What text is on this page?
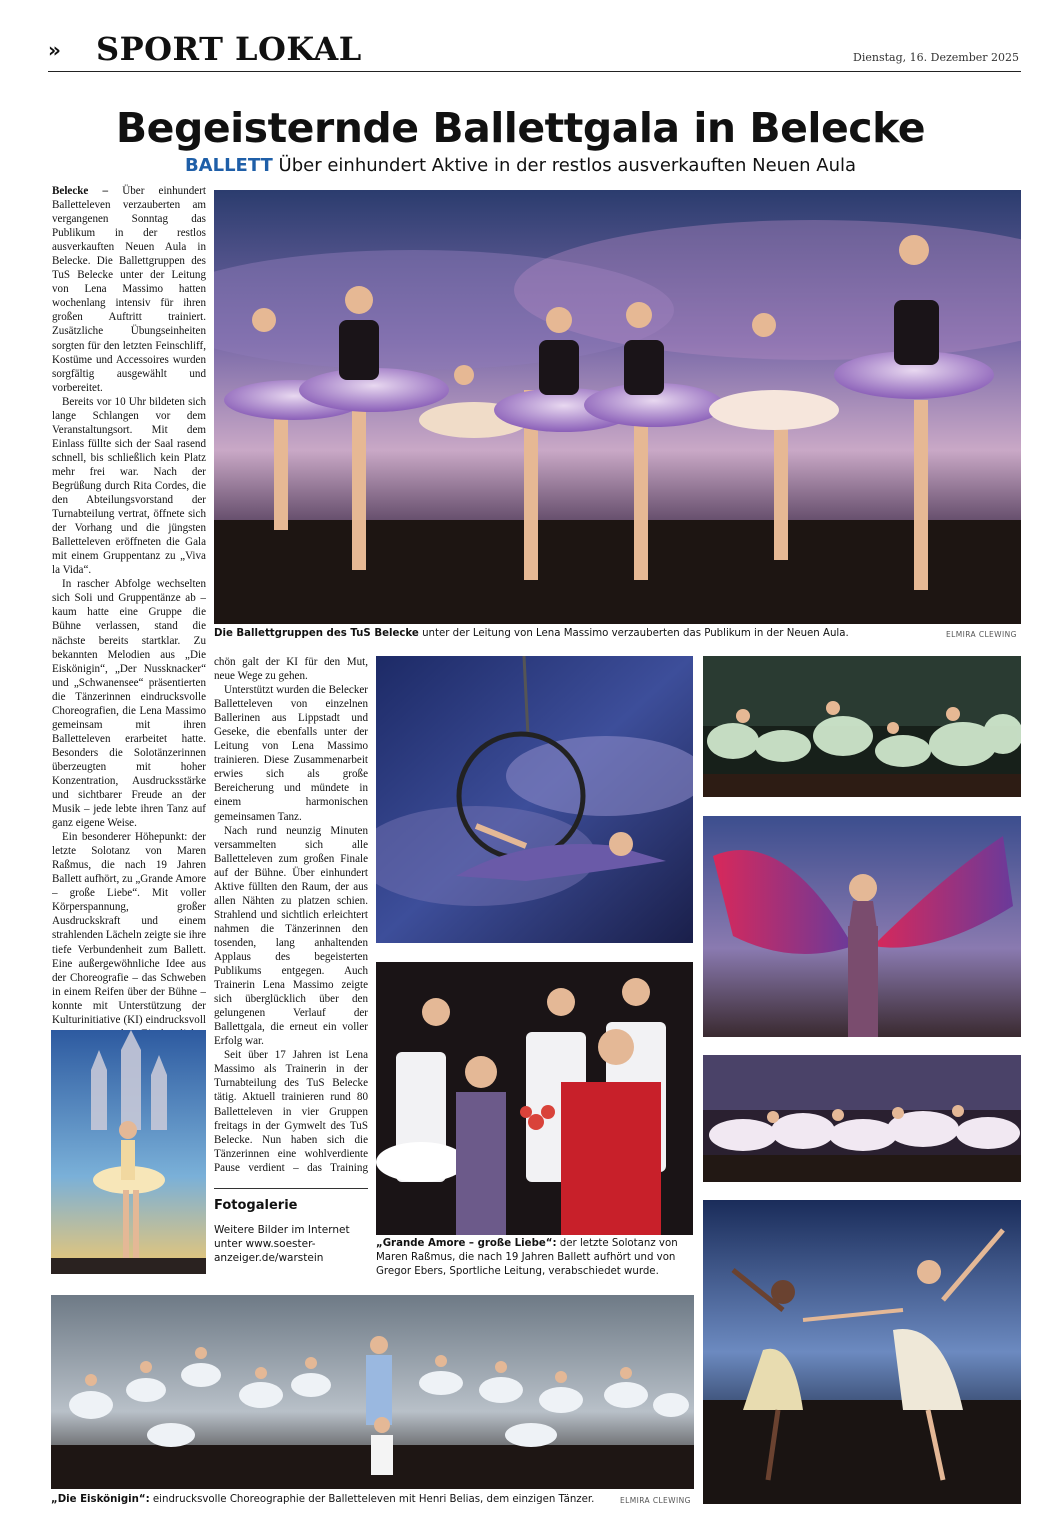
» SPORT LOKAL	Dienstag, 16. Dezember 2025
Begeisternde Ballettgala in Belecke
BALLETT Über einhundert Aktive in der restlos ausverkauften Neuen Aula

Belecke – Über einhundert Balletteleven verzauberten am vergangenen Sonntag das Publikum in der restlos ausverkauften Neuen Aula in Belecke. Die Ballettgruppen des TuS Belecke unter der Leitung von Lena Massimo hatten wochenlang intensiv für ihren großen Auftritt trainiert. Zusätzliche Übungseinheiten sorgten für den letzten Feinschliff, Kostüme und Accessoires wurden sorgfältig ausgewählt und vorbereitet.

Bereits vor 10 Uhr bildeten sich lange Schlangen vor dem Veranstaltungsort. Mit dem Einlass füllte sich der Saal rasend schnell, bis schließlich kein Platz mehr frei war. Nach der Begrüßung durch Rita Cordes, die den Abteilungsvorstand der Turnabteilung vertrat, öffnete sich der Vorhang und die jüngsten Balletteleven eröffneten die Gala mit einem Gruppentanz zu „Viva la Vida“.

In rascher Abfolge wechselten sich Soli und Gruppentänze ab – kaum hatte eine Gruppe die Bühne verlassen, stand die nächste bereits startklar. Zu bekannten Melodien aus „Die Eiskönigin“, „Der Nussknacker“ und „Schwanensee“ präsentierten die Tänzerinnen eindrucksvolle Choreografien, die Lena Massimo gemeinsam mit ihren Balletteleven erarbeitet hatte. Besonders die Solotänzerinnen überzeugten mit hoher Konzentration, Ausdrucksstärke und sichtbarer Freude an der Musik – jede lebte ihren Tanz auf ganz eigene Weise.

Ein besonderer Höhepunkt: der letzte Solotanz von Maren Raßmus, die nach 19 Jahren Ballett aufhört, zu „Grande Amore – große Liebe“. Mit voller Körperspannung, großer Ausdruckskraft und einem strahlenden Lächeln zeigte sie ihre tiefe Verbundenheit zum Ballett. Eine außergewöhnliche Idee aus der Choreografie – das Schweben in einem Reifen über der Bühne – konnte mit Unterstützung der Kulturinitiative (KI) eindrucksvoll

chön galt der KI für den Mut, neue Wege zu gehen.

Unterstützt wurden die Belecker Balletteleven von einzelnen Ballerinen aus Lippstadt und Geseke, die ebenfalls unter der Leitung von Lena Massimo trainieren. Diese Zusammenarbeit erwies sich als große Bereicherung und mündete in einem harmonischen gemeinsamen Tanz.

Nach rund neunzig Minuten versammelten sich alle Balletteleven zum großen Finale auf der Bühne. Über einhundert Aktive füllten den Raum, der aus allen Nähten zu platzen schien. Strahlend und sichtlich erleichtert nahmen die Tänzerinnen den tosenden, lang anhaltenden Applaus des begeisterten Publikums entgegen. Auch Trainerin Lena Massimo zeigte sich überglücklich über den gelungenen Verlauf der Ballettgala, die erneut ein voller Erfolg war.

Seit über 17 Jahren ist Lena Massimo als Trainerin in der Turnabteilung des TuS Belecke tätig. Aktuell trainieren rund 80 Balletteleven in vier Gruppen freitags in der Gymwelt des TuS Belecke. Nun haben sich die Tänzerinnen eine wohlverdiente Pause verdient – das Training

Fotogalerie
Weitere Bilder im Internet unter www.soester-anzeiger.de/warstein
Die Ballettgruppen des TuS Belecke unter der Leitung von Lena Massimo verzauberten das Publikum in der Neuen Aula.	ELMIRA CLEWING
„Grande Amore – große Liebe“: der letzte Solotanz von Maren Raßmus, die nach 19 Jahren Ballett aufhört und von Gregor Ebers, Sportliche Leitung, verabschiedet wurde.
„Die Eiskönigin“: eindrucksvolle Choreographie der Balletteleven mit Henri Belias, dem einzigen Tänzer.	ELMIRA CLEWING
